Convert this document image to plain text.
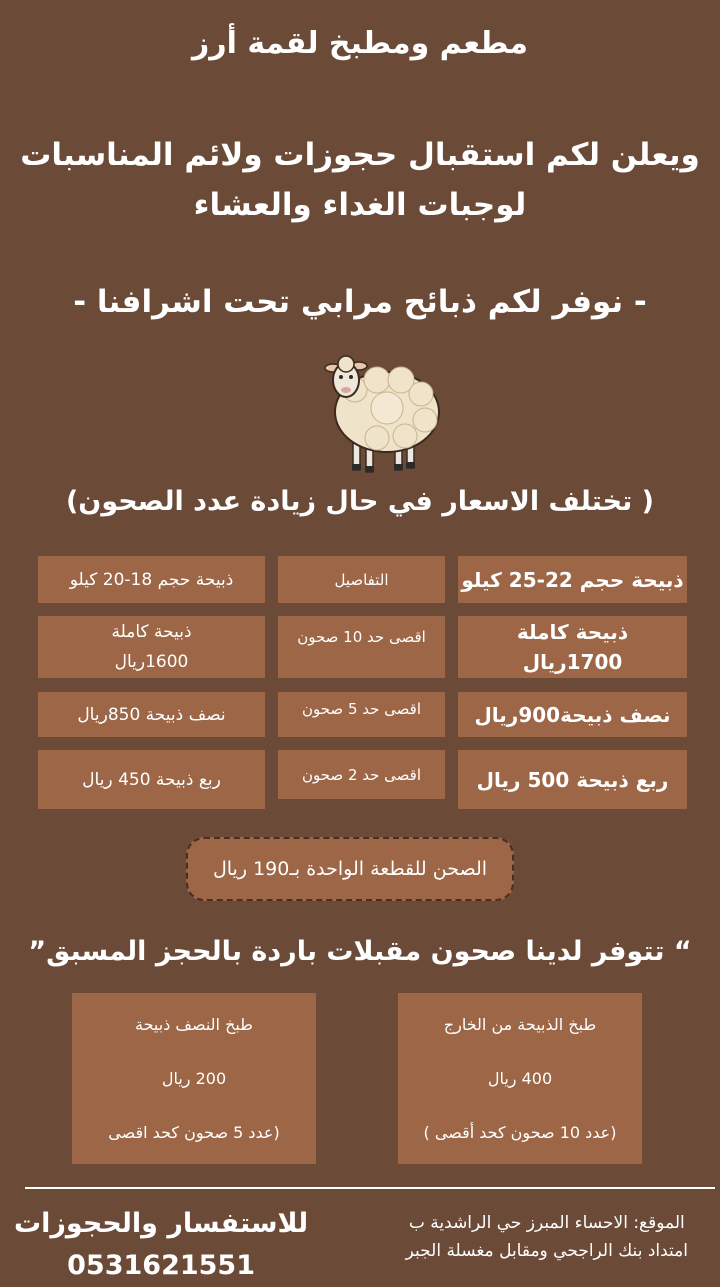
مطعم ومطبخ لقمة أرز
ويعلن لكم استقبال حجوزات ولائم المناسبات
لوجبات الغداء والعشاء
- نوفر لكم ذبائح مرابي تحت اشرافنا -
( تختلف الاسعار في حال زيادة عدد الصحون)
ذبيحة حجم 22-25 كيلو
ذبيحة كاملة
1700ريال
نصف ذبيحة900ريال
ربع ذبيحة 500 ريال
التفاصيل
اقصى حد 10 صحون
اقصى حد 5 صحون
اقصى حد 2 صحون
ذبيحة حجم 18-20 كيلو
ذبيحة كاملة
1600ريال
نصف ذبيحة 850ريال
ربع ذبيحة 450 ريال
الصحن للقطعة الواحدة بـ190 ريال
“ تتوفر لدينا صحون مقبلات باردة بالحجز المسبق”
طبخ الذبيحة من الخارج
400 ريال
(عدد 10 صحون كحد أقصى )
طبخ النصف ذبيحة
200 ريال
(عدد 5 صحون كحد اقصى
للاستفسار والحجوزات
0531621551
الموقع: الاحساء المبرز حي الراشدية ب
امتداد بنك الراجحي ومقابل مغسلة الجبر
